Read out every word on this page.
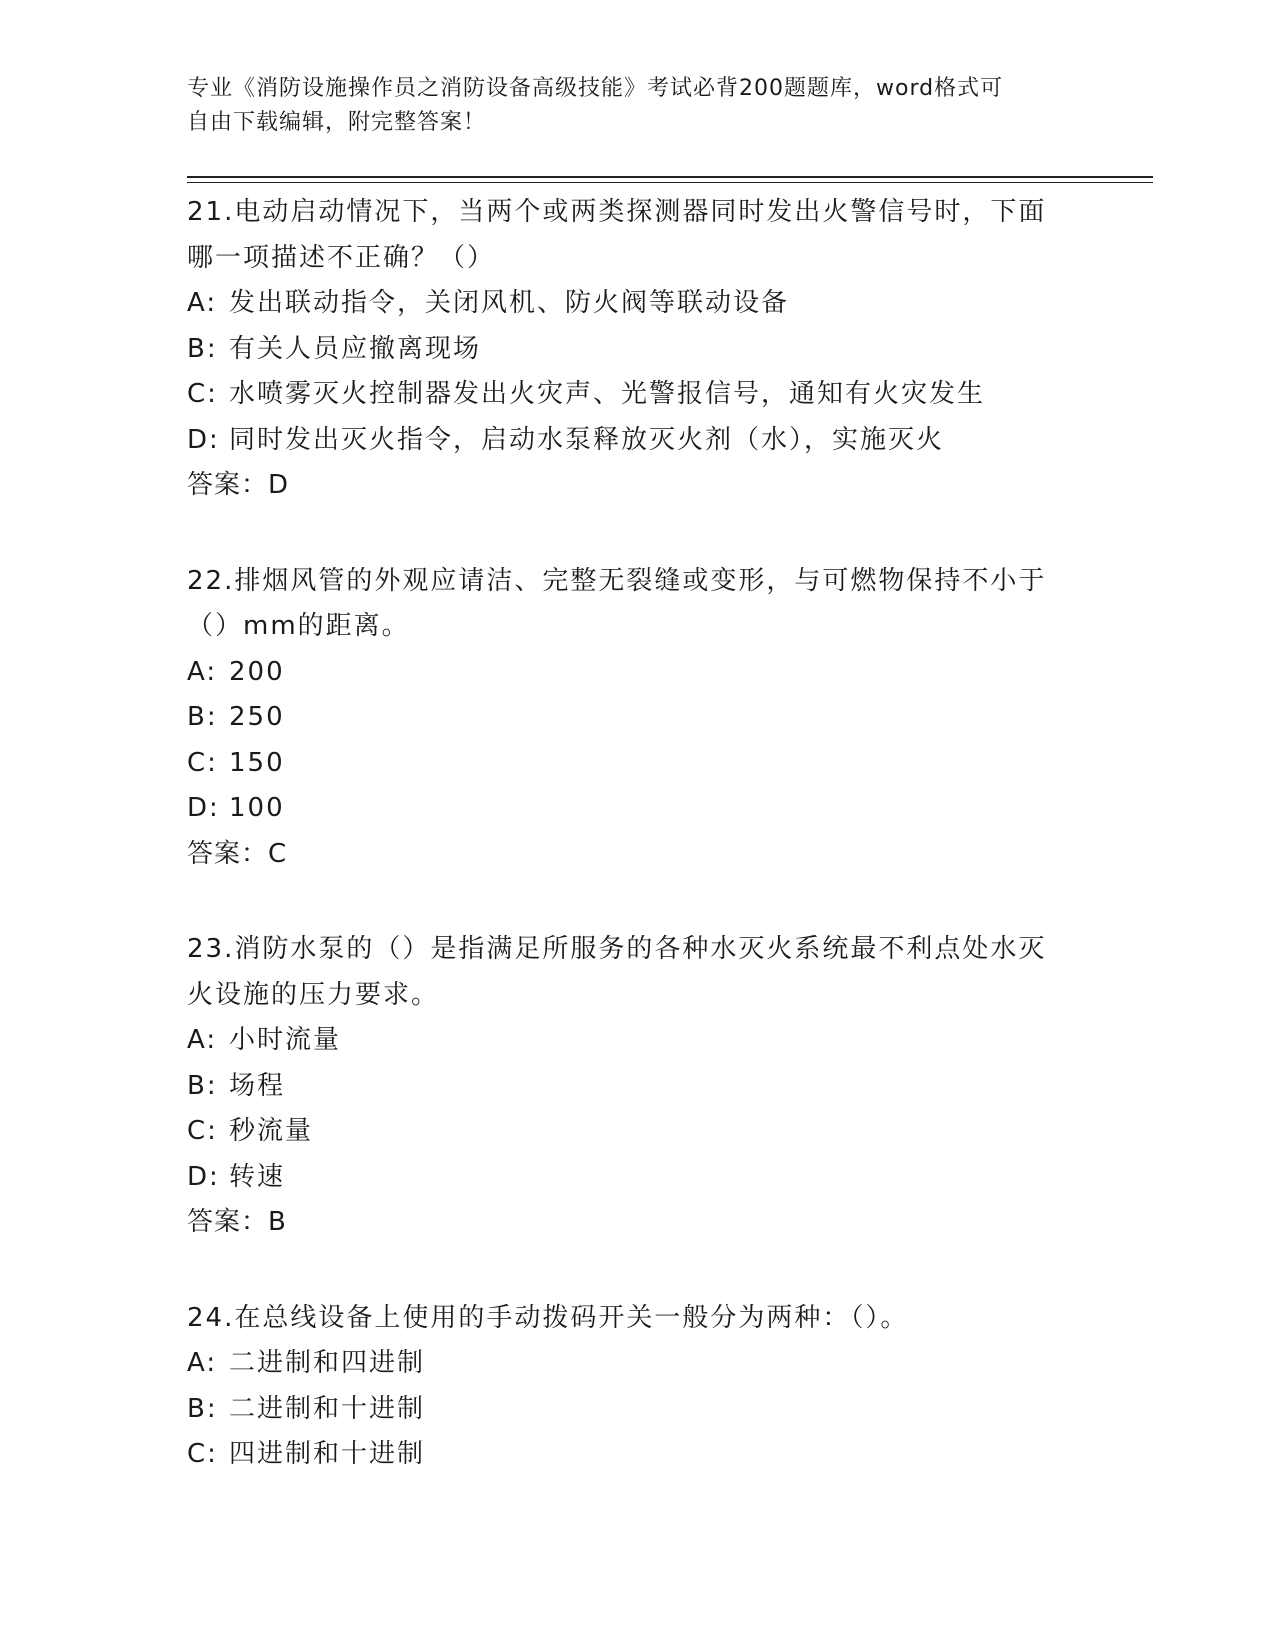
专业《消防设施操作员之消防设备高级技能》考试必背200题题库，word格式可
自由下载编辑，附完整答案！
21.电动启动情况下，当两个或两类探测器同时发出火警信号时，下面
哪一项描述不正确？（）
A: 发出联动指令，关闭风机、防火阀等联动设备
B: 有关人员应撤离现场
C: 水喷雾灭火控制器发出火灾声、光警报信号，通知有火灾发生
D: 同时发出灭火指令，启动水泵释放灭火剂（水），实施灭火
答案：D
22.排烟风管的外观应请洁、完整无裂缝或变形，与可燃物保持不小于
（）mm的距离。
A: 200
B: 250
C: 150
D: 100
答案：C
23.消防水泵的（）是指满足所服务的各种水灭火系统最不利点处水灭
火设施的压力要求。
A: 小时流量
B: 场程
C: 秒流量
D: 转速
答案：B
24.在总线设备上使用的手动拨码开关一般分为两种：（）。
A: 二进制和四进制
B: 二进制和十进制
C: 四进制和十进制
